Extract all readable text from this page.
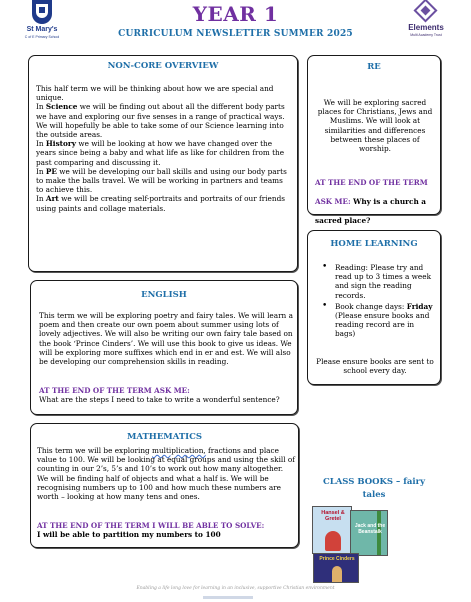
St Mary's
C of E Primary School
YEAR 1
CURRICULUM NEWSLETTER SUMMER 2025
Elements
Multi Academy Trust
NON-CORE OVERVIEW
This half term we will be thinking about how we are special and unique.
In Science we will be finding out about all the different body parts we have and exploring our five senses in a range of practical ways. We will hopefully be able to take some of our Science learning into the outside areas.
In History we will be looking at how we have changed over the years since being a baby and what life as like for children from the past comparing and discussing it.
In PE we will be developing our ball skills and using our body parts to make the balls travel. We will be working in partners and teams to achieve this.
In Art we will be creating self-portraits and portraits of our friends using paints and collage materials.
RE
We will be exploring sacred places for Christians, Jews and Muslims. We will look at similarities and differences between these places of worship.
AT THE END OF THE TERM ASK ME: Why is a church a sacred place?
HOME LEARNING
• Reading: Please try and read up to 3 times a week and sign the reading records.
• Book change days: Friday (Please ensure books and reading record are in bags)
Please ensure books are sent to school every day.
ENGLISH
This term we will be exploring poetry and fairy tales. We will learn a poem and then create our own poem about summer using lots of lovely adjectives. We will also be writing our own fairy tale based on the book ‘Prince Cinders’. We will use this book to give us ideas. We will be exploring more suffixes which end in er and est. We will also be developing our comprehension skills in reading.
AT THE END OF THE TERM ASK ME:
What are the steps I need to take to write a wonderful sentence?
MATHEMATICS
This term we will be exploring multiplication, fractions and place value to 100. We will be looking at equal groups and using the skill of counting in our 2’s, 5’s and 10’s to work out how many altogether. We will be finding half of objects and what a half is. We will be recognising numbers up to 100 and how much these numbers are worth – looking at how many tens and ones.
AT THE END OF THE TERM I WILL BE ABLE TO SOLVE:
I will be able to partition my numbers to 100
CLASS BOOKS – fairy tales
Hansel & Gretel
Jack and the Beanstalk
Prince Cinders
Enabling a life long love for learning in an inclusive, supportive Christian environment
